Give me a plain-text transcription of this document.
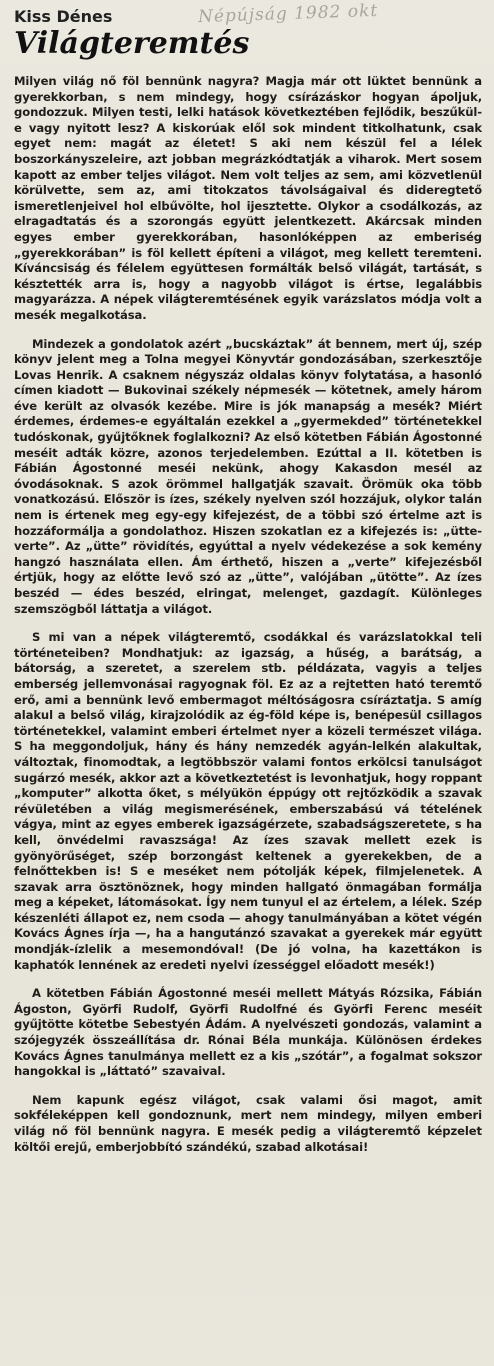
Kiss Dénes	Népújság 1982 okt
Világteremtés

Milyen világ nő föl bennünk nagyra? Magja már ott lüktet bennünk a gyerekkorban, s nem mindegy, hogy csírázáskor hogyan ápoljuk, gondozzuk. Milyen testi, lelki hatások következtében fejlődik, beszűkül-e vagy nyitott lesz? A kiskorúak elől sok mindent titkolhatunk, csak egyet nem: magát az életet! S aki nem készül fel a lélek boszorkányszeleire, azt jobban megrázkódtatják a viharok. Mert sosem kapott az ember teljes világot. Nem volt teljes az sem, ami közvetlenül körülvette, sem az, ami titokzatos távolságaival és dideregtető ismeretlenjeivel hol elbűvölte, hol ijesztette. Olykor a csodálkozás, az elragadtatás és a szorongás együtt jelentkezett. Akárcsak minden egyes ember gyerekkorában, hasonlóképpen az emberiség „gyerekkorában” is föl kellett építeni a világot, meg kellett teremteni. Kíváncsiság és félelem együttesen formálták belső világát, tartását, s késztették arra is, hogy a nagyobb világot is értse, legalábbis magyarázza. A népek világteremtésének egyik varázslatos módja volt a mesék megalkotása.

Mindezek a gondolatok azért „bucskáztak” át bennem, mert új, szép könyv jelent meg a Tolna megyei Könyvtár gondozásában, szerkesztője Lovas Henrik. A csaknem négyszáz oldalas könyv folytatása, a hasonló címen kiadott — Bukovinai székely népmesék — kötetnek, amely három éve került az olvasók kezébe. Mire is jók manapság a mesék? Miért érdemes, érdemes-e egyáltalán ezekkel a „gyermekded” történetekkel tudóskonak, gyűjtőknek foglalkozni? Az első kötetben Fábián Ágostonné meséit adták közre, azonos terjedelemben. Ezúttal a II. kötetben is Fábián Ágostonné meséi nekünk, ahogy Kakasdon mesél az óvodásoknak. S azok örömmel hallgatják szavait. Örömük oka több vonatkozású. Először is ízes, székely nyelven szól hozzájuk, olykor talán nem is értenek meg egy-egy kifejezést, de a többi szó értelme azt is hozzáformálja a gondolathoz. Hiszen szokatlan ez a kifejezés is: „ütte-verte”. Az „ütte” rövidítés, egyúttal a nyelv védekezése a sok kemény hangzó használata ellen. Ám érthető, hiszen a „verte” kifejezésből értjük, hogy az előtte levő szó az „ütte”, valójában „ütötte”. Az ízes beszéd — édes beszéd, elringat, melenget, gazdagít. Különleges szemszögből láttatja a világot.

S mi van a népek világteremtő, csodákkal és varázslatokkal teli történeteiben? Mondhatjuk: az igazság, a hűség, a barátság, a bátorság, a szeretet, a szerelem stb. példázata, vagyis a teljes emberség jellemvonásai ragyognak föl. Ez az a rejtetten ható teremtő erő, ami a bennünk levő embermagot méltóságosra csíráztatja. S amíg alakul a belső világ, kirajzolódik az ég-föld képe is, benépesül csillagos történetekkel, valamint emberi értelmet nyer a közeli természet világa. S ha meggondoljuk, hány és hány nemzedék agyán-lelkén alakultak, változtak, finomodtak, a legtöbbször valami fontos erkölcsi tanulságot sugárzó mesék, akkor azt a következtetést is levonhatjuk, hogy roppant „komputer” alkotta őket, s mélyükön éppúgy ott rejtőzködik a szavak révületében a világ megismerésének, emberszabású vá tételének vágya, mint az egyes emberek igazságérzete, szabadságszeretete, s ha kell, önvédelmi ravaszsága! Az ízes szavak mellett ezek is gyönyörűséget, szép borzongást keltenek a gyerekekben, de a felnőttekben is! S e meséket nem pótolják képek, filmjelenetek. A szavak arra ösztönöznek, hogy minden hallgató önmagában formálja meg a képeket, látomásokat. Így nem tunyul el az értelem, a lélek. Szép készenléti állapot ez, nem csoda — ahogy tanulmányában a kötet végén Kovács Ágnes írja —, ha a hangutánzó szavakat a gyerekek már együtt mondják-ízlelik a mesemondóval! (De jó volna, ha kazettákon is kaphatók lennének az eredeti nyelvi ízességgel előadott mesék!)

A kötetben Fábián Ágostonné meséi mellett Mátyás Rózsika, Fábián Ágoston, Györfi Rudolf, Györfi Rudolfné és Györfi Ferenc meséit gyűjtötte kötetbe Sebestyén Ádám. A nyelvészeti gondozás, valamint a szójegyzék összeállítása dr. Rónai Béla munkája. Különösen érdekes Kovács Ágnes tanulmánya mellett ez a kis „szótár”, a fogalmat sokszor hangokkal is „láttató” szavaival.

Nem kapunk egész világot, csak valami ősi magot, amit sokféleképpen kell gondoznunk, mert nem mindegy, milyen emberi világ nő föl bennünk nagyra. E mesék pedig a világteremtő képzelet költői erejű, emberjobbító szándékú, szabad alkotásai!
